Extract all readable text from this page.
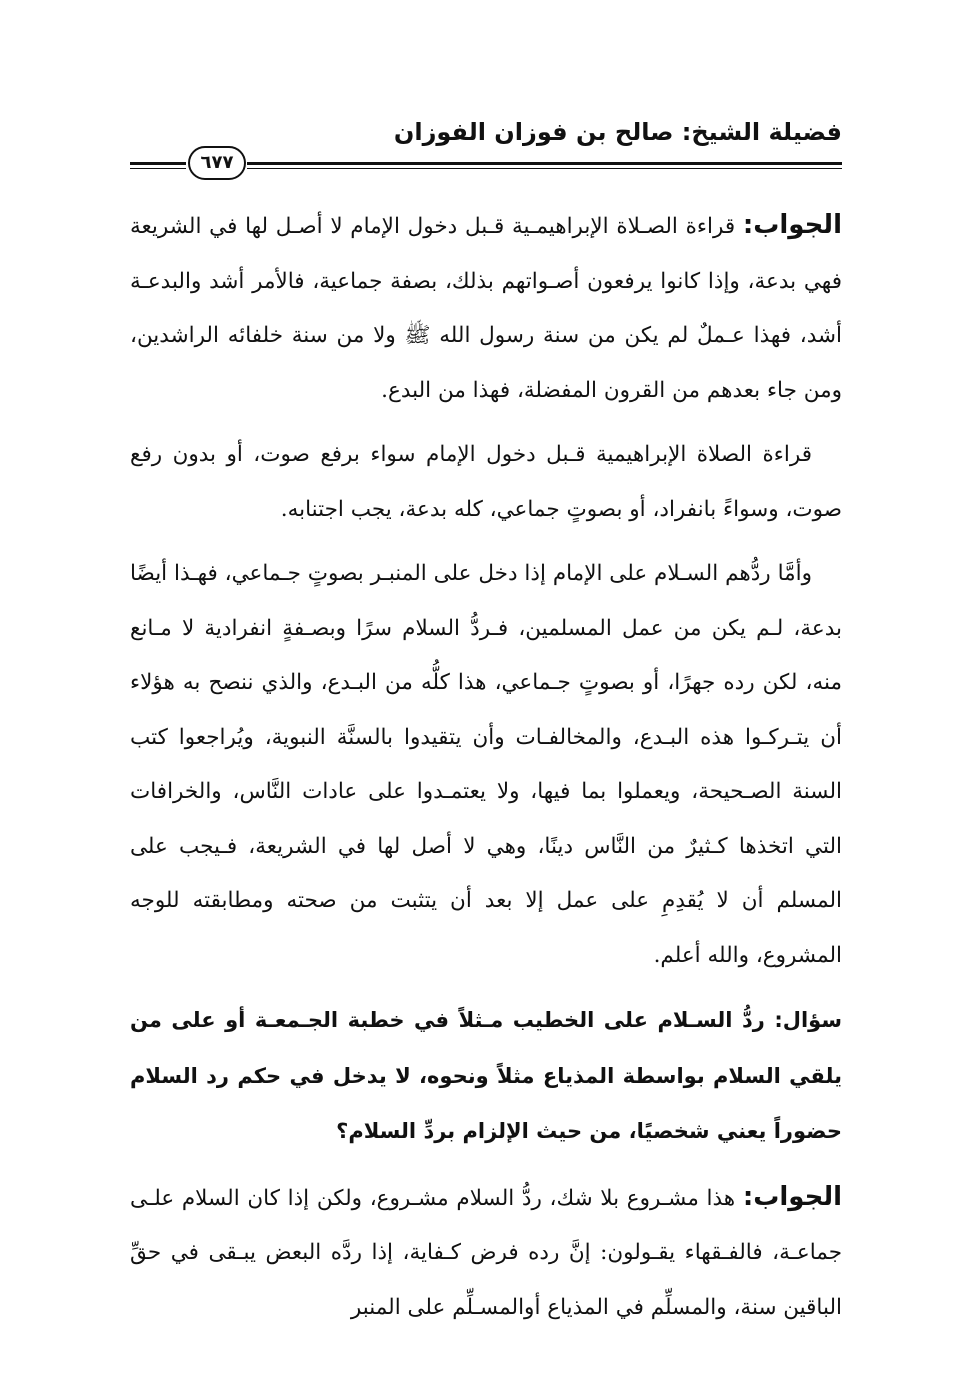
فضيلة الشيخ: صالح بن فوزان الفوزان
٦٧٧

الجواب: قراءة الصـلاة الإبراهيمـية قـبل دخول الإمام لا أصـل لها في الشريعة فهي بدعة، وإذا كانوا يرفعون أصـواتهم بذلك، بصفة جماعية، فالأمر أشد والبدعـة أشد، فهذا عـملٌ لم يكن من سنة رسول الله ﷺ ولا من سنة خلفائه الراشدين، ومن جاء بعدهم من القرون المفضلة، فهذا من البدع.

قراءة الصلاة الإبراهيمية قـبل دخول الإمام سواء برفع صوت، أو بدون رفع صوت، وسواءً بانفراد، أو بصوتٍ جماعي، كله بدعة، يجب اجتنابه.

وأمَّا ردُّهم السـلام على الإمام إذا دخل على المنبـر بصوتٍ جـماعي، فهـذا أيضًا بدعة، لـم يكن من عمل المسلمين، فـردُّ السلام سرًا وبصـفةٍ انفرادية لا مـانع منه، لكن رده جهرًا، أو بصوتٍ جـماعي، هذا كلُّه من البـدع، والذي ننصح به هؤلاء أن يتـركـوا هذه البـدع، والمخالفـات وأن يتقيدوا بالسنَّة النبوية، ويُراجعوا كتب السنة الصـحيحة، ويعملوا بما فيها، ولا يعتمـدوا على عادات النَّاس، والخرافات التي اتخذها كـثيرٌ من النَّاس دينًا، وهي لا أصل لها في الشريعة، فـيجب على المسلم أن لا يُقدِمِ على عمل إلا بعد أن يتثبت من صحته ومطابقته للوجه المشروع، والله أعلم.

سؤال: ردُّ السـلام على الخطيب مـثلاً في خطبة الجـمعـة أو على من يلقي السلام بواسطة المذياع مثلاً ونحوه، لا يدخل في حكم رد السلام حضوراً يعني شخصيًا، من حيث الإلزام بردِّ السلام؟

الجواب: هذا مشـروع بلا شك، ردُّ السلام مشـروع، ولكن إذا كان السلام علـى جماعـة، فالفـقهاء يقـولون: إنَّ رده فرض كـفاية، إذا ردَّه البعض يبـقى في حقِّ الباقين سنة، والمسلِّم في المذياع أوالمسـلِّم على المنبر
